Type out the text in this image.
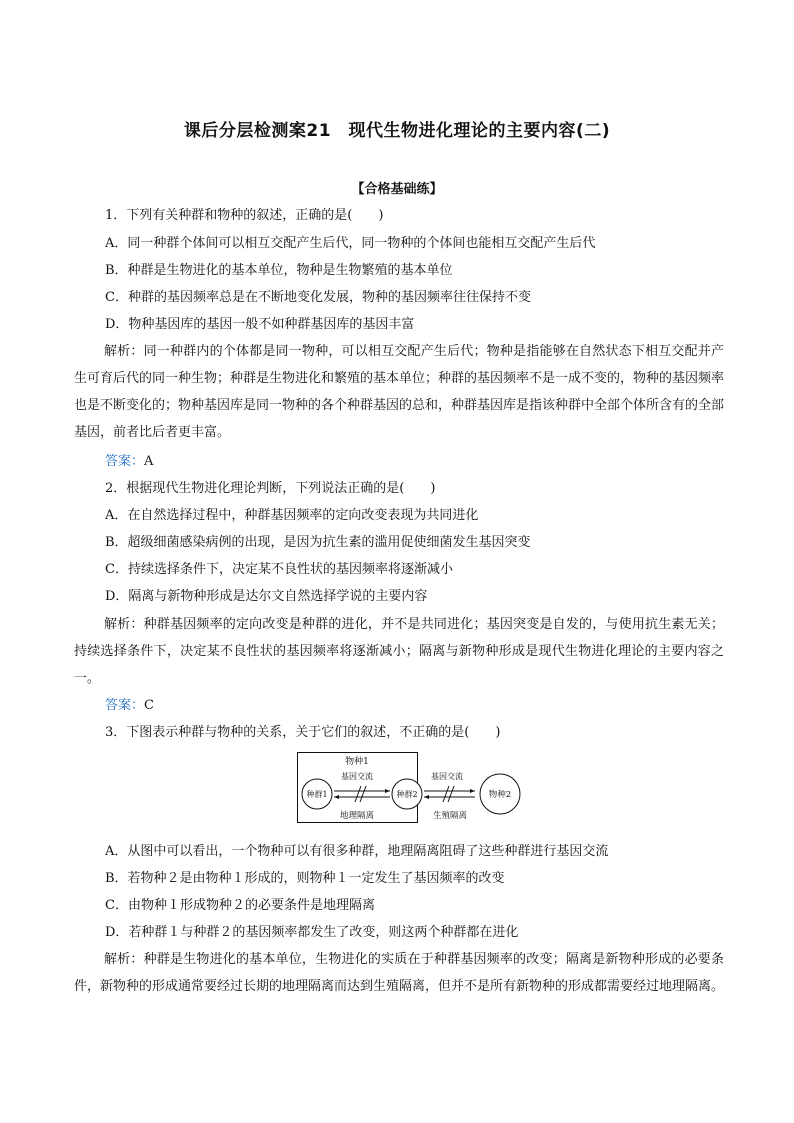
课后分层检测案21　现代生物进化理论的主要内容(二)
【合格基础练】
1．下列有关种群和物种的叙述，正确的是(　　)
A．同一种群个体间可以相互交配产生后代，同一物种的个体间也能相互交配产生后代
B．种群是生物进化的基本单位，物种是生物繁殖的基本单位
C．种群的基因频率总是在不断地变化发展，物种的基因频率往往保持不变
D．物种基因库的基因一般不如种群基因库的基因丰富
解析：同一种群内的个体都是同一物种，可以相互交配产生后代；物种是指能够在自然状态下相互交配并产生可育后代的同一种生物；种群是生物进化和繁殖的基本单位；种群的基因频率不是一成不变的，物种的基因频率也是不断变化的；物种基因库是同一物种的各个种群基因的总和，种群基因库是指该种群中全部个体所含有的全部基因，前者比后者更丰富。
答案：A
2．根据现代生物进化理论判断，下列说法正确的是(　　)
A．在自然选择过程中，种群基因频率的定向改变表现为共同进化
B．超级细菌感染病例的出现，是因为抗生素的滥用促使细菌发生基因突变
C．持续选择条件下，决定某不良性状的基因频率将逐渐减小
D．隔离与新物种形成是达尔文自然选择学说的主要内容
解析：种群基因频率的定向改变是种群的进化，并不是共同进化；基因突变是自发的，与使用抗生素无关；持续选择条件下，决定某不良性状的基因频率将逐渐减小；隔离与新物种形成是现代生物进化理论的主要内容之一。
答案：C
3．下图表示种群与物种的关系，关于它们的叙述，不正确的是(　　)
物种1
基因交流
地理隔离
种群1	种群2
基因交流
生殖隔离
物种2
A．从图中可以看出，一个物种可以有很多种群，地理隔离阻碍了这些种群进行基因交流
B．若物种２是由物种１形成的，则物种１一定发生了基因频率的改变
C．由物种１形成物种２的必要条件是地理隔离
D．若种群１与种群２的基因频率都发生了改变，则这两个种群都在进化
解析：种群是生物进化的基本单位，生物进化的实质在于种群基因频率的改变；隔离是新物种形成的必要条件，新物种的形成通常要经过长期的地理隔离而达到生殖隔离，但并不是所有新物种的形成都需要经过地理隔离。
